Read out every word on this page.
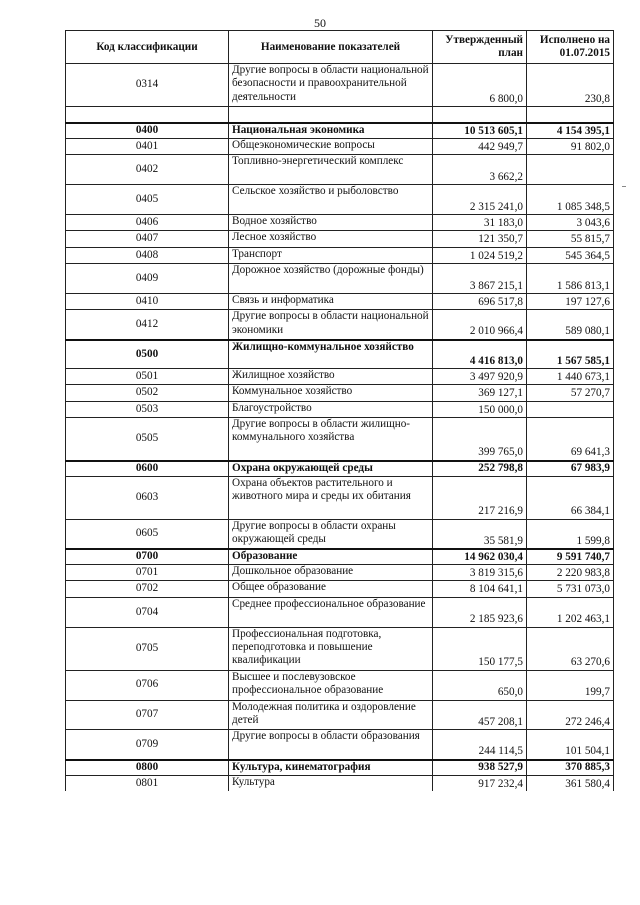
50
Код классификации	Наименование показателей	Утвержденный план	Исполнено на 01.07.2015
0314	Другие вопросы в области национальной безопасности и правоохранительной деятельности	6 800,0	230,8

0400	Национальная экономика	10 513 605,1	4 154 395,1
0401	Общеэкономические вопросы	442 949,7	91 802,0
0402	Топливно-энергетический комплекс	3 662,2	
0405	Сельское хозяйство и рыболовство	2 315 241,0	1 085 348,5
0406	Водное хозяйство	31 183,0	3 043,6
0407	Лесное хозяйство	121 350,7	55 815,7
0408	Транспорт	1 024 519,2	545 364,5
0409	Дорожное хозяйство (дорожные фонды)	3 867 215,1	1 586 813,1
0410	Связь и информатика	696 517,8	197 127,6
0412	Другие вопросы в области национальной экономики	2 010 966,4	589 080,1
0500	Жилищно-коммунальное хозяйство	4 416 813,0	1 567 585,1
0501	Жилищное хозяйство	3 497 920,9	1 440 673,1
0502	Коммунальное хозяйство	369 127,1	57 270,7
0503	Благоустройство	150 000,0	
0505	Другие вопросы в области жилищно-коммунального хозяйства	399 765,0	69 641,3
0600	Охрана окружающей среды	252 798,8	67 983,9
0603	Охрана объектов растительного и животного мира и среды их обитания	217 216,9	66 384,1
0605	Другие вопросы в области охраны окружающей среды	35 581,9	1 599,8
0700	Образование	14 962 030,4	9 591 740,7
0701	Дошкольное образование	3 819 315,6	2 220 983,8
0702	Общее образование	8 104 641,1	5 731 073,0
0704	Среднее профессиональное образование	2 185 923,6	1 202 463,1
0705	Профессиональная подготовка, переподготовка и повышение квалификации	150 177,5	63 270,6
0706	Высшее и послевузовское профессиональное образование	650,0	199,7
0707	Молодежная политика и оздоровление детей	457 208,1	272 246,4
0709	Другие вопросы в области образования	244 114,5	101 504,1
0800	Культура, кинематография	938 527,9	370 885,3
0801	Культура	917 232,4	361 580,4
